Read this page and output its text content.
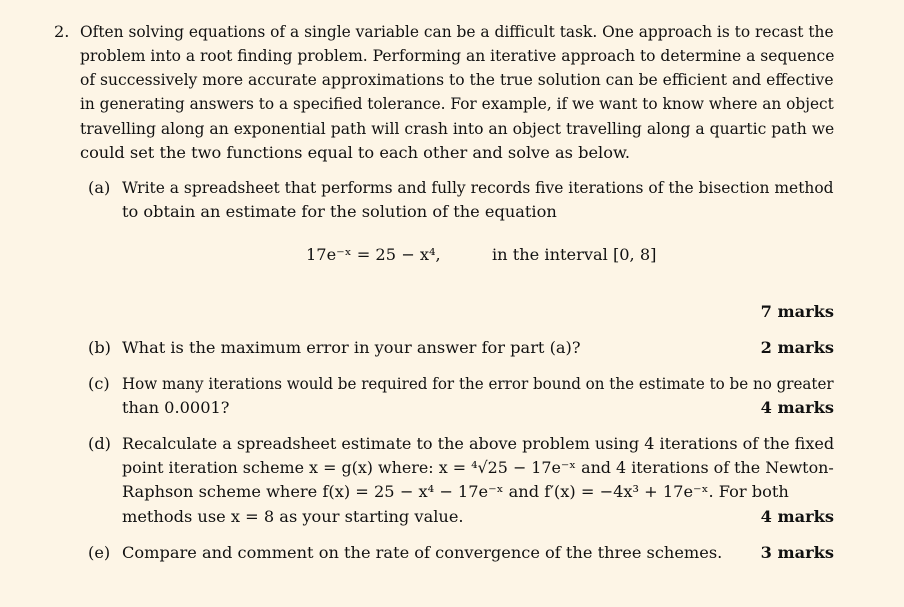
2. Often solving equations of a single variable can be a difficult task. One approach is to recast the
problem into a root finding problem. Performing an iterative approach to determine a sequence
of successively more accurate approximations to the true solution can be efficient and effective
in generating answers to a specified tolerance. For example, if we want to know where an object
travelling along an exponential path will crash into an object travelling along a quartic path we
could set the two functions equal to each other and solve as below.
(a) Write a spreadsheet that performs and fully records five iterations of the bisection method
to obtain an estimate for the solution of the equation
17e⁻ˣ = 25 − x⁴,	in the interval [0, 8]
7 marks
(b) What is the maximum error in your answer for part (a)?	2 marks
(c) How many iterations would be required for the error bound on the estimate to be no greater
than 0.0001?	4 marks
(d) Recalculate a spreadsheet estimate to the above problem using 4 iterations of the fixed
point iteration scheme x = g(x) where: x = ⁴√25 − 17e⁻ˣ and 4 iterations of the Newton-
Raphson scheme where f(x) = 25 − x⁴ − 17e⁻ˣ and f′(x) = −4x³ + 17e⁻ˣ. For both
methods use x = 8 as your starting value.	4 marks
(e) Compare and comment on the rate of convergence of the three schemes. 3 marks
